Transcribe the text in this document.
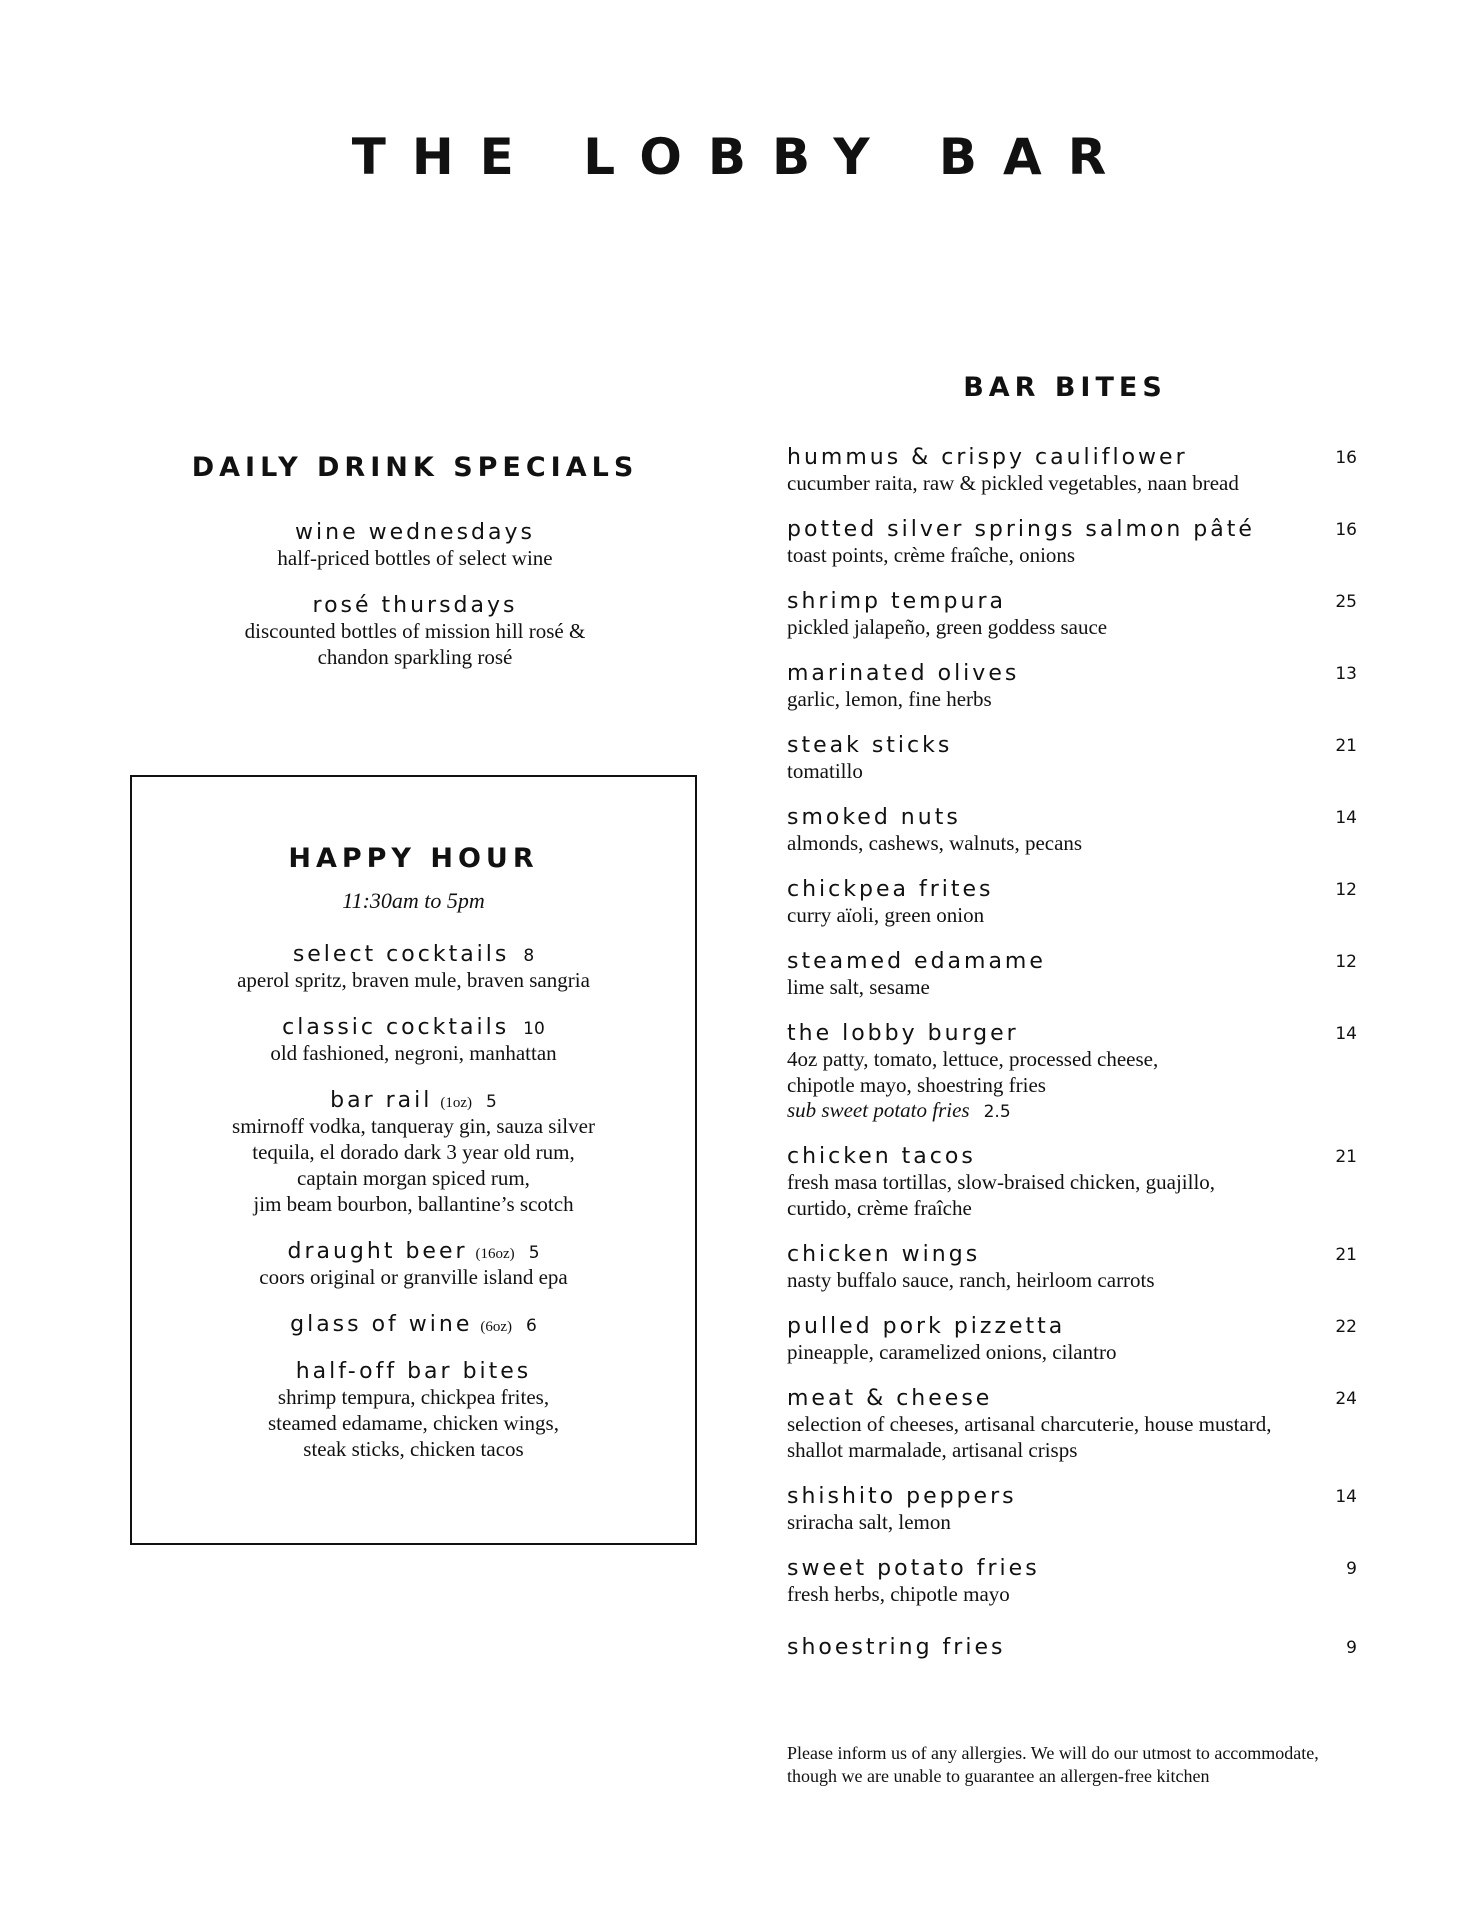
THE LOBBY BAR
DAILY DRINK SPECIALS
wine wednesdays
half-priced bottles of select wine
rosé thursdays
discounted bottles of mission hill rosé &
chandon sparkling rosé
HAPPY HOUR
11:30am to 5pm
select cocktails 8
aperol spritz, braven mule, braven sangria
classic cocktails 10
old fashioned, negroni, manhattan
bar rail (1oz) 5
smirnoff vodka, tanqueray gin, sauza silver
tequila, el dorado dark 3 year old rum,
captain morgan spiced rum,
jim beam bourbon, ballantine’s scotch
draught beer (16oz) 5
coors original or granville island epa
glass of wine (6oz) 6
half-off bar bites
shrimp tempura, chickpea frites,
steamed edamame, chicken wings,
steak sticks, chicken tacos
BAR BITES
hummus & crispy cauliflower	16
cucumber raita, raw & pickled vegetables, naan bread
potted silver springs salmon pâté	16
toast points, crème fraîche, onions
shrimp tempura	25
pickled jalapeño, green goddess sauce
marinated olives	13
garlic, lemon, fine herbs
steak sticks	21
tomatillo
smoked nuts	14
almonds, cashews, walnuts, pecans
chickpea frites	12
curry aïoli, green onion
steamed edamame	12
lime salt, sesame
the lobby burger	14
4oz patty, tomato, lettuce, processed cheese,
chipotle mayo, shoestring fries
sub sweet potato fries 2.5
chicken tacos	21
fresh masa tortillas, slow-braised chicken, guajillo,
curtido, crème fraîche
chicken wings	21
nasty buffalo sauce, ranch, heirloom carrots
pulled pork pizzetta	22
pineapple, caramelized onions, cilantro
meat & cheese	24
selection of cheeses, artisanal charcuterie, house mustard,
shallot marmalade, artisanal crisps
shishito peppers	14
sriracha salt, lemon
sweet potato fries	9
fresh herbs, chipotle mayo
shoestring fries	9
Please inform us of any allergies. We will do our utmost to accommodate,
though we are unable to guarantee an allergen-free kitchen
